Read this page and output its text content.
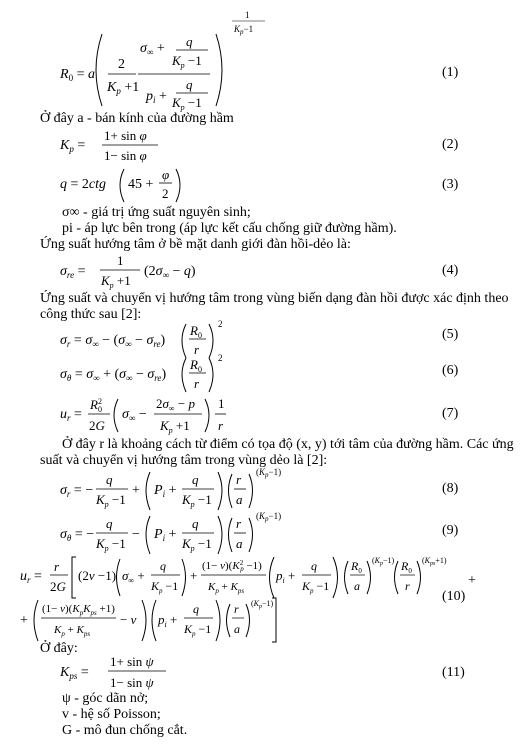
$R_0 = a$
2
$K_p +1$
$\sigma_\infty + q$
$K_p -1$
$p_i$ +
q
$K_p -1$
1
$K_p-1$
(1)
Ở đây a - bán kính của đường hầm
$K_p$ =
1+ sin φ
1− sin φ
(2)
q = 2ctg 45 +
φ
2
(3)
σ∞ - giá trị ứng suất nguyên sinh;
pi - áp lực bên trong (áp lực kết cấu chống giữ đường hầm).
Ứng suất hướng tâm ở bề mặt danh giới đàn hồi-dẻo là:
$\sigma_{re}$ =
1
$K_p +1$
$(2\sigma_\infty - q)$	(4)
Ứng suất và chuyển vị hướng tâm trong vùng biến dạng đàn hồi được xác định theo
công thức sau [2]:
$\sigma_r = \sigma_\infty - (\sigma_\infty - \sigma_{re})$
$R_0$
r
2
(5)
$\sigma_\theta = \sigma_\infty + (\sigma_\infty - \sigma_{re})$
$R_0$
r
2
(6)
$u_r$ =
$R^2$ 0
2G
$\sigma_\infty$ −
$2\sigma_\infty - p$
$K_p +1$
1
r
(7)
Ở đây r là khoảng cách từ điểm có tọa độ (x, y) tới tâm của đường hầm. Các ứng
suất và chuyển vị hướng tâm trong vùng dẻo là [2]:
$\sigma_r$ = −
q
$K_p -1$
+ $P_i$ +
q
$K_p -1$
r
a
$(K_p-1)$
(8)
$\sigma_\theta$ = −
q
$K_p -1$
− $P_i$ +
q
$K_p -1$
r
a
$(K_p-1)$
(9)
$u_r$ =
r
2G
(2v −1) $\sigma_\infty$ +
q
$K_p -1$
+
$(1- v)(K^2$ p −1)
$K_p + K_{ps}$
$p_i$ +
q
$K_p -1$
$R_0$
a
$(K_p-1)$ $R_0$
r
$(K_{ps}+1)$
+
(10)
+
$(1- v)(K_pK_{ps} +1)$
$K_p + K_{ps}$
− v $p_i$ +
q
$K_p -1$
r
a
$(K_p-1)$
Ở đây:
$K_{ps}$ =
1+ sin ψ
1− sin ψ
(11)
ψ - góc dãn nở;
v - hệ số Poisson;
G - mô đun chống cắt.
